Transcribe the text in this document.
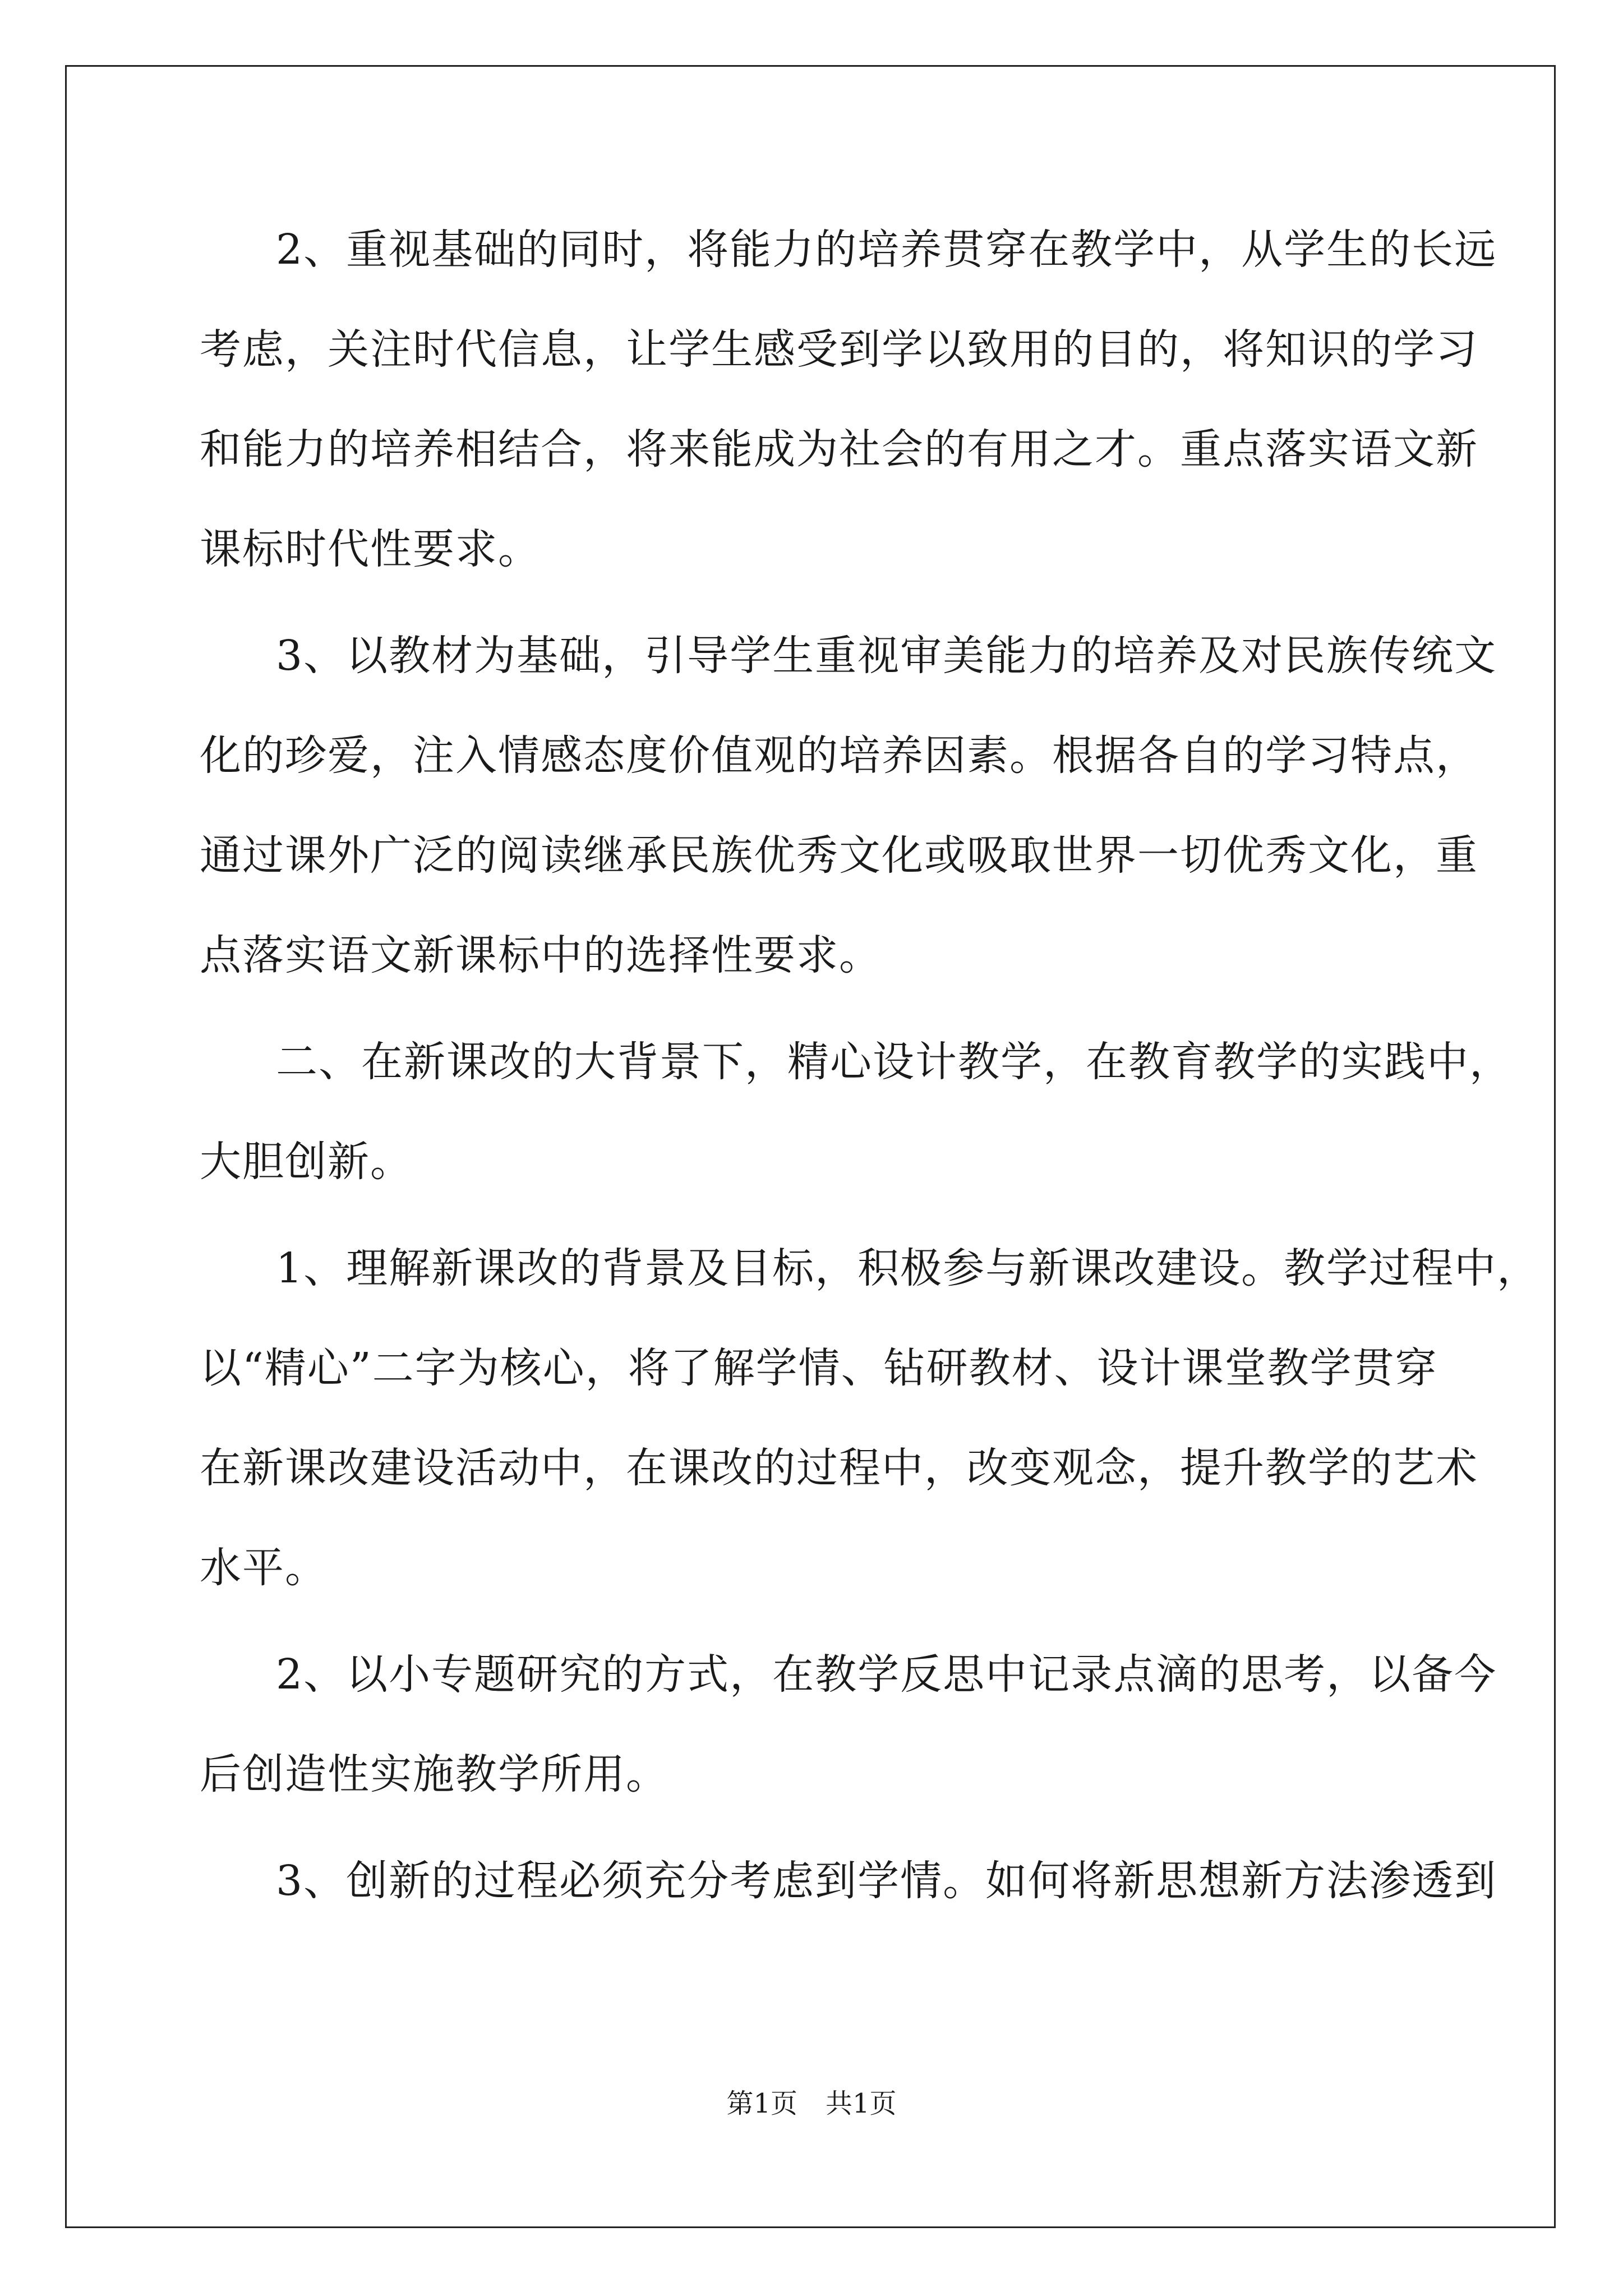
2、重视基础的同时，将能力的培养贯穿在教学中，从学生的长远
考虑，关注时代信息，让学生感受到学以致用的目的，将知识的学习
和能力的培养相结合，将来能成为社会的有用之才。重点落实语文新
课标时代性要求。
3、以教材为基础，引导学生重视审美能力的培养及对民族传统文
化的珍爱，注入情感态度价值观的培养因素。根据各自的学习特点，
通过课外广泛的阅读继承民族优秀文化或吸取世界一切优秀文化，重
点落实语文新课标中的选择性要求。
二、在新课改的大背景下，精心设计教学，在教育教学的实践中，
大胆创新。
1、理解新课改的背景及目标，积极参与新课改建设。教学过程中，
以“精心”二字为核心，将了解学情、钻研教材、设计课堂教学贯穿
在新课改建设活动中，在课改的过程中，改变观念，提升教学的艺术
水平。
2、以小专题研究的方式，在教学反思中记录点滴的思考，以备今
后创造性实施教学所用。
3、创新的过程必须充分考虑到学情。如何将新思想新方法渗透到
第1页 共1页
